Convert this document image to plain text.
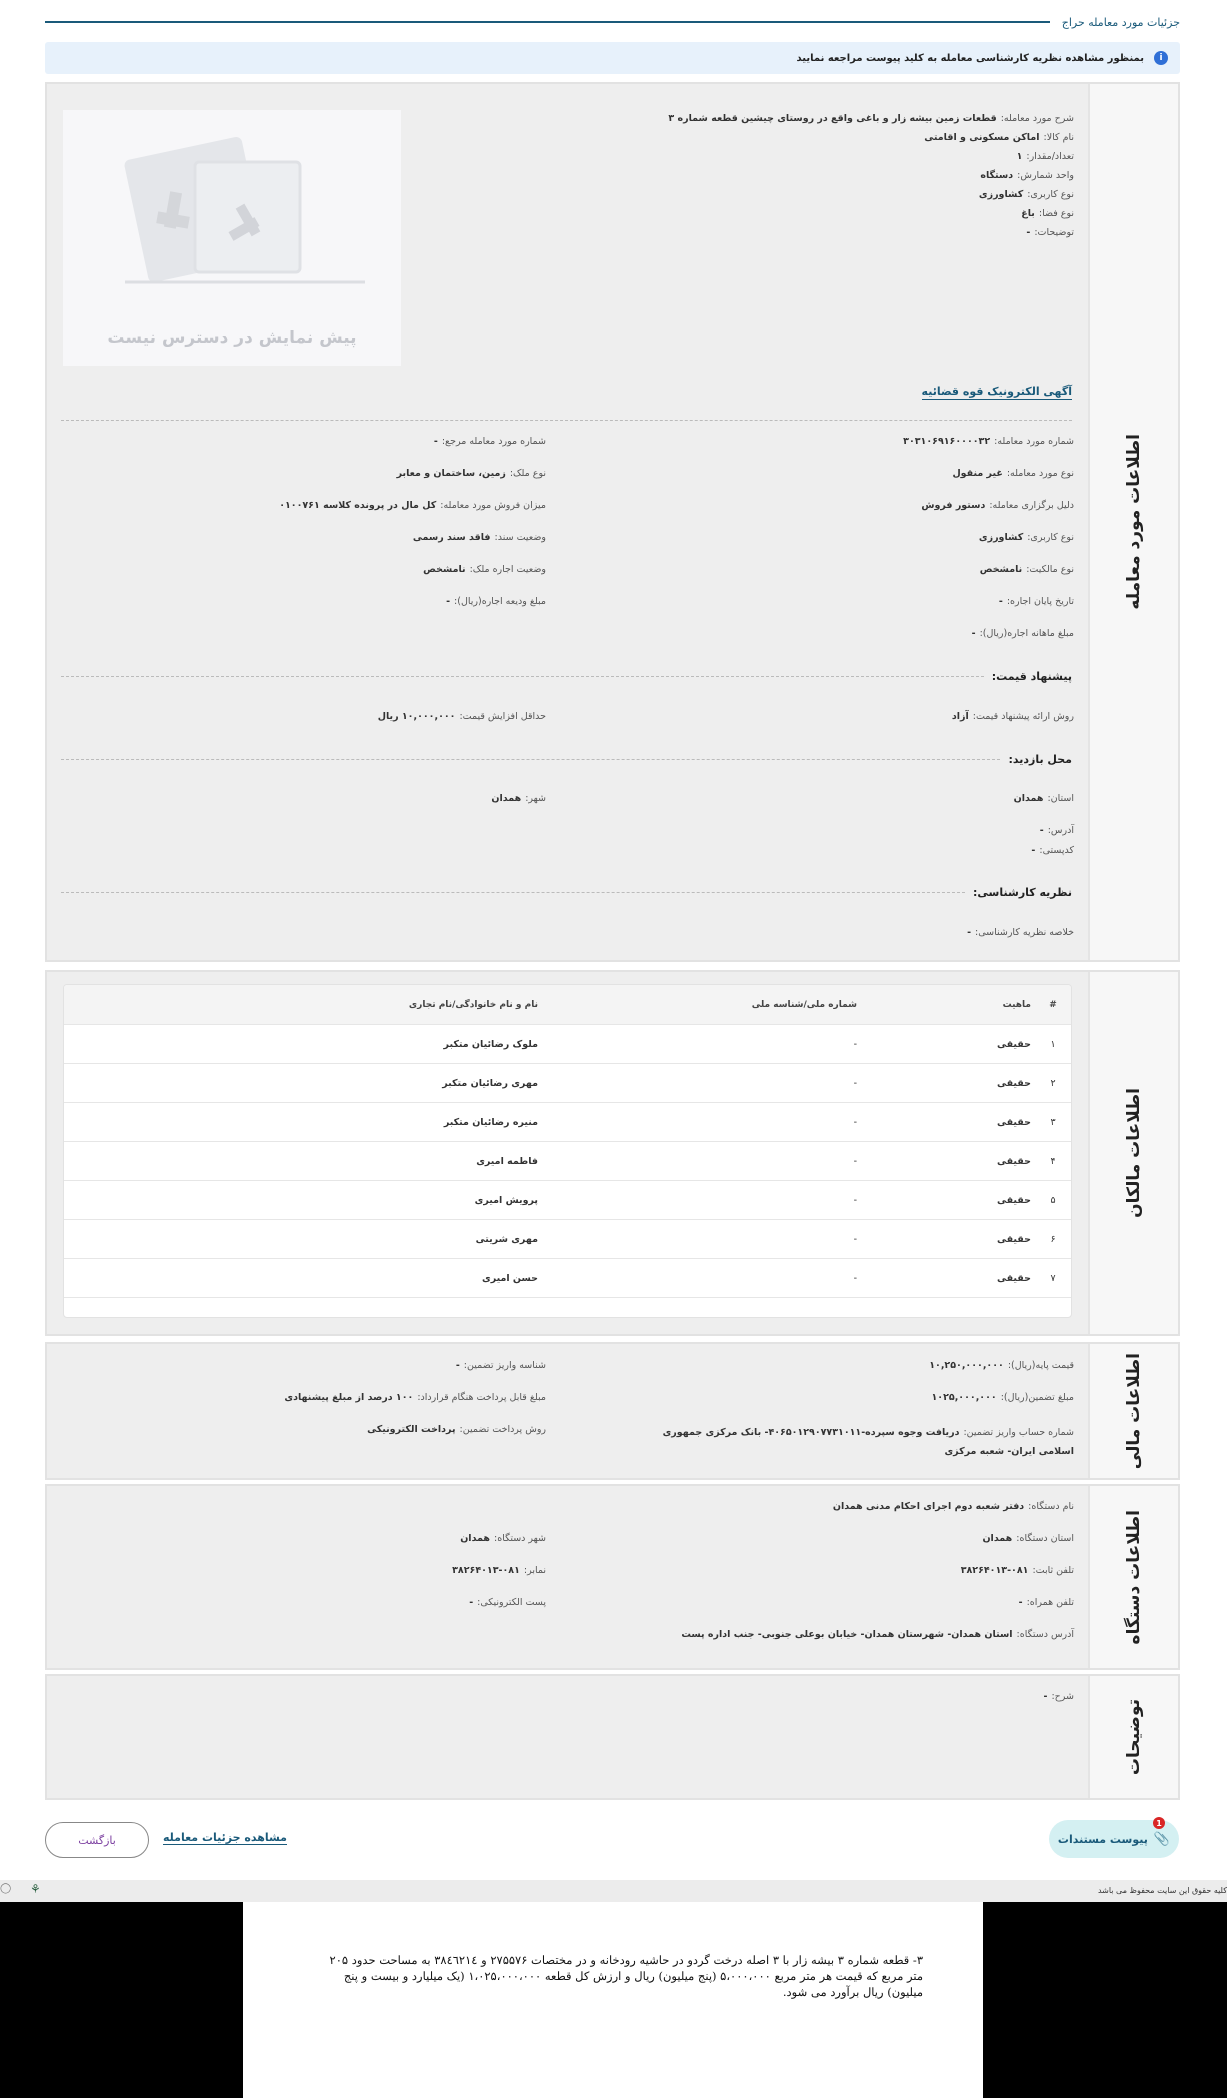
جزئیات مورد معامله حراج
i
بمنظور مشاهده نظریه کارشناسی معامله به کلید پیوست مراجعه نمایید
اطلاعات مورد معامله
شرح مورد معامله:قطعات زمین بیشه زار و باغی واقع در روستای چیشین قطعه شماره ۳
نام کالا:اماکن مسکونی و اقامتی
تعداد/مقدار:۱
واحد شمارش:دستگاه
نوع کاربری:کشاورزی
نوع فضا:باغ
توضیحات:-
پیش نمایش در دسترس نیست
آگهی الکترونیک قوه قضائیه
شماره مورد معامله:۳۰۳۱۰۶۹۱۶۰۰۰۰۳۲
نوع مورد معامله:غیر منقول
دلیل برگزاری معامله:دستور فروش
نوع کاربری:کشاورزی
نوع مالکیت:نامشخص
تاریخ پایان اجاره:-
مبلغ ماهانه اجاره(ریال):-
شماره مورد معامله مرجع:-
نوع ملک:زمین، ساختمان و معابر
میزان فروش مورد معامله:کل مال در پرونده کلاسه ۰۱۰۰۷۶۱
وضعیت سند:فاقد سند رسمی
وضعیت اجاره ملک:نامشخص
مبلغ ودیعه اجاره(ریال):-
پیشنهاد قیمت:
روش ارائه پیشنهاد قیمت:آزاد
حداقل افزایش قیمت:۱۰,۰۰۰,۰۰۰ ریال
محل بازدید:
استان:همدان
شهر:همدان
آدرس:-
کدپستی:-
نظریه کارشناسی:
خلاصه نظریه کارشناسی:-
اطلاعات مالکان
#
ماهیت
شماره ملی/شناسه ملی
نام و نام خانوادگی/نام تجاری
۱
حقیقی
-
ملوک رضائیان متکبر
۲
حقیقی
-
مهری رضائیان متکبر
۳
حقیقی
-
منیره رضائیان متکبر
۴
حقیقی
-
فاطمه امیری
۵
حقیقی
-
پرویش امیری
۶
حقیقی
-
مهری شریتی
۷
حقیقی
-
حسن امیری
اطلاعات مالی
قیمت پایه(ریال):۱۰,۲۵۰,۰۰۰,۰۰۰
مبلغ تضمین(ریال):۱۰۲۵,۰۰۰,۰۰۰
شماره حساب واریز تضمین:دریافت وجوه سپرده-۴۰۶۵۰۱۲۹۰۷۷۳۱۰۱۱- بانک مرکزی جمهوری اسلامی ایران- شعبه مرکزی
شناسه واریز تضمین:-
مبلغ قابل پرداخت هنگام قرارداد:۱۰۰ درصد از مبلغ پیشنهادی
روش پرداخت تضمین:پرداخت الکترونیکی
اطلاعات دستگاه
نام دستگاه:دفتر شعبه دوم اجرای احکام مدنی همدان
استان دستگاه:همدان
شهر دستگاه:همدان
تلفن ثابت:۰۸۱-۳۸۲۶۴۰۱۳
نمابر:۰۸۱-۳۸۲۶۴۰۱۳
تلفن همراه:-
پست الکترونیکی:-
آدرس دستگاه:استان همدان- شهرستان همدان- خیابان بوعلی جنوبی- جنب اداره پست
توضیحات
شرح:-
1
📎
پیوست مستندات
مشاهده جزئیات معامله
بازگشت
کلیه حقوق این سایت محفوظ می باشد
⚘
◯
۳- قطعه شماره ۳ بیشه زار با ۳ اصله درخت گردو در حاشیه رودخانه و در مختصات ۲۷۵۵۷۶ و ۳۸٤٦۲۱٤ به مساحت حدود ۲۰۵ متر مربع که قیمت هر متر مربع ۵،۰۰۰،۰۰۰ (پنج میلیون) ریال و ارزش کل قطعه ۱،۰۲۵،۰۰۰،۰۰۰ (یک میلیارد و بیست و پنج میلیون) ریال برآورد می شود.
